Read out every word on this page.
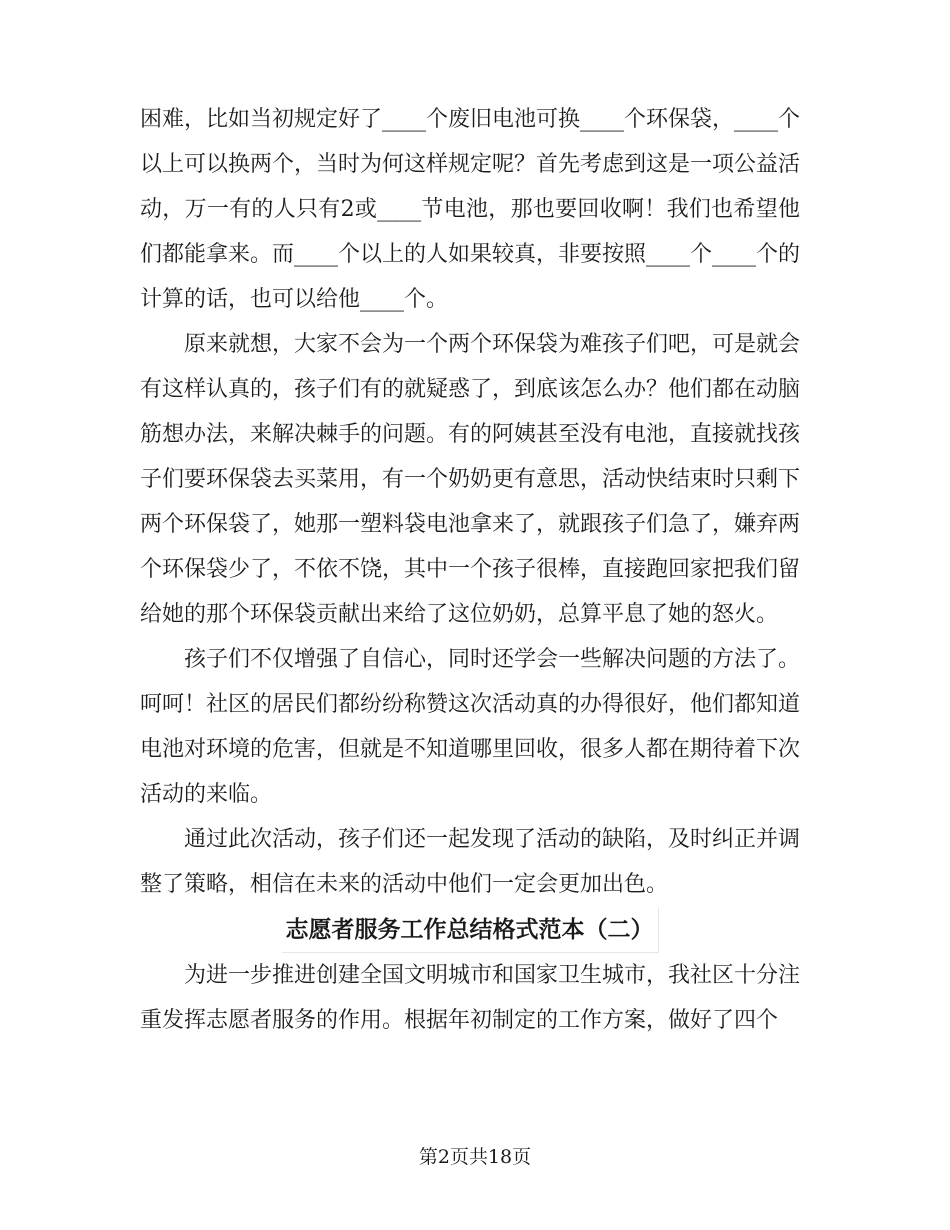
困难，比如当初规定好了____个废旧电池可换____个环保袋，____个以上可以换两个，当时为何这样规定呢？首先考虑到这是一项公益活动，万一有的人只有2或____节电池，那也要回收啊！我们也希望他们都能拿来。而____个以上的人如果较真，非要按照____个____个的计算的话，也可以给他____个。

原来就想，大家不会为一个两个环保袋为难孩子们吧，可是就会有这样认真的，孩子们有的就疑惑了，到底该怎么办？他们都在动脑筋想办法，来解决棘手的问题。有的阿姨甚至没有电池，直接就找孩子们要环保袋去买菜用，有一个奶奶更有意思，活动快结束时只剩下两个环保袋了，她那一塑料袋电池拿来了，就跟孩子们急了，嫌弃两个环保袋少了，不依不饶，其中一个孩子很棒，直接跑回家把我们留给她的那个环保袋贡献出来给了这位奶奶，总算平息了她的怒火。

孩子们不仅增强了自信心，同时还学会一些解决问题的方法了。呵呵！社区的居民们都纷纷称赞这次活动真的办得很好，他们都知道电池对环境的危害，但就是不知道哪里回收，很多人都在期待着下次活动的来临。

通过此次活动，孩子们还一起发现了活动的缺陷，及时纠正并调整了策略，相信在未来的活动中他们一定会更加出色。

志愿者服务工作总结格式范本（二）

为进一步推进创建全国文明城市和国家卫生城市，我社区十分注重发挥志愿者服务的作用。根据年初制定的工作方案，做好了四个

第2页共18页
